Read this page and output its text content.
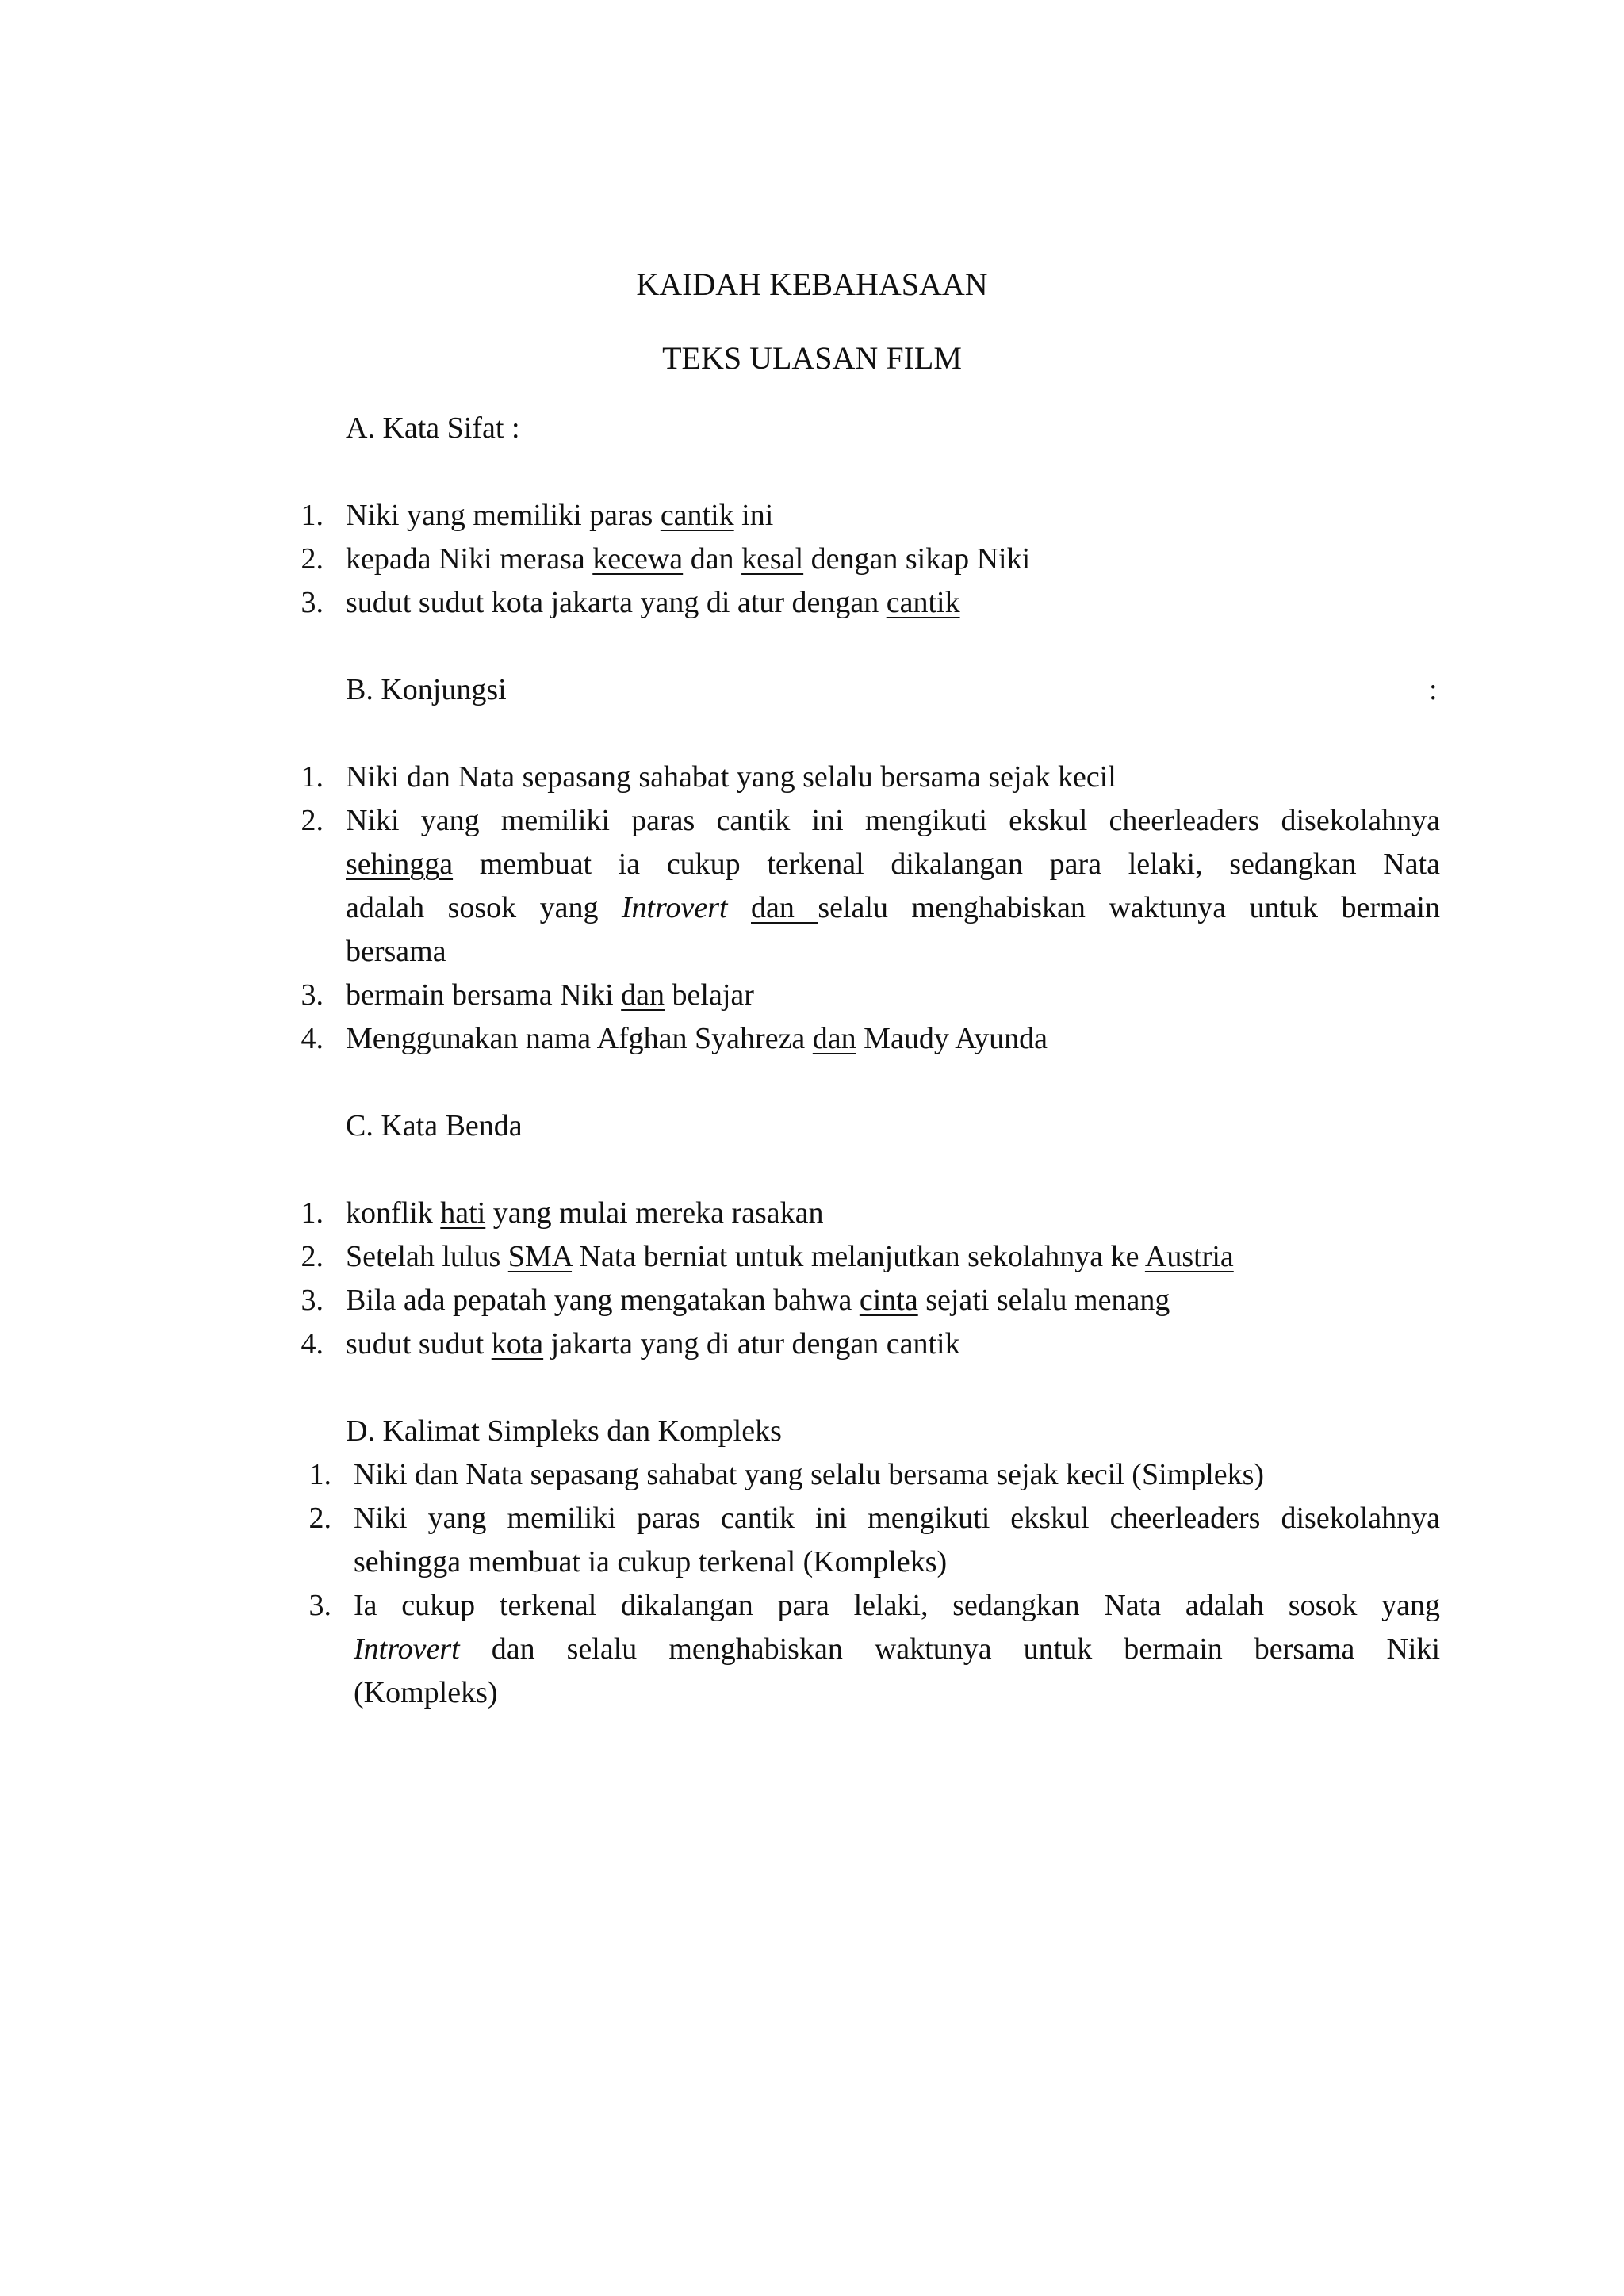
KAIDAH KEBAHASAAN
TEKS ULASAN FILM
A. Kata Sifat :
1. Niki yang memiliki paras cantik ini
2. kepada Niki merasa kecewa dan kesal dengan sikap Niki
3. sudut sudut kota jakarta yang di atur dengan cantik
B. Konjungsi	:
1. Niki dan Nata sepasang sahabat yang selalu bersama sejak kecil
2. Niki yang memiliki paras cantik ini mengikuti ekskul cheerleaders disekolahnya
sehingga membuat ia cukup terkenal dikalangan para lelaki, sedangkan Nata
adalah sosok yang Introvert dan selalu menghabiskan waktunya untuk bermain
bersama
3. bermain bersama Niki dan belajar
4. Menggunakan nama Afghan Syahreza dan Maudy Ayunda
C. Kata Benda
1. konflik hati yang mulai mereka rasakan
2. Setelah lulus SMA Nata berniat untuk melanjutkan sekolahnya ke Austria
3. Bila ada pepatah yang mengatakan bahwa cinta sejati selalu menang
4. sudut sudut kota jakarta yang di atur dengan cantik
D. Kalimat Simpleks dan Kompleks
1. Niki dan Nata sepasang sahabat yang selalu bersama sejak kecil (Simpleks)
2. Niki yang memiliki paras cantik ini mengikuti ekskul cheerleaders disekolahnya
sehingga membuat ia cukup terkenal (Kompleks)
3. Ia cukup terkenal dikalangan para lelaki, sedangkan Nata adalah sosok yang
Introvert dan selalu menghabiskan waktunya untuk bermain bersama Niki
(Kompleks)
